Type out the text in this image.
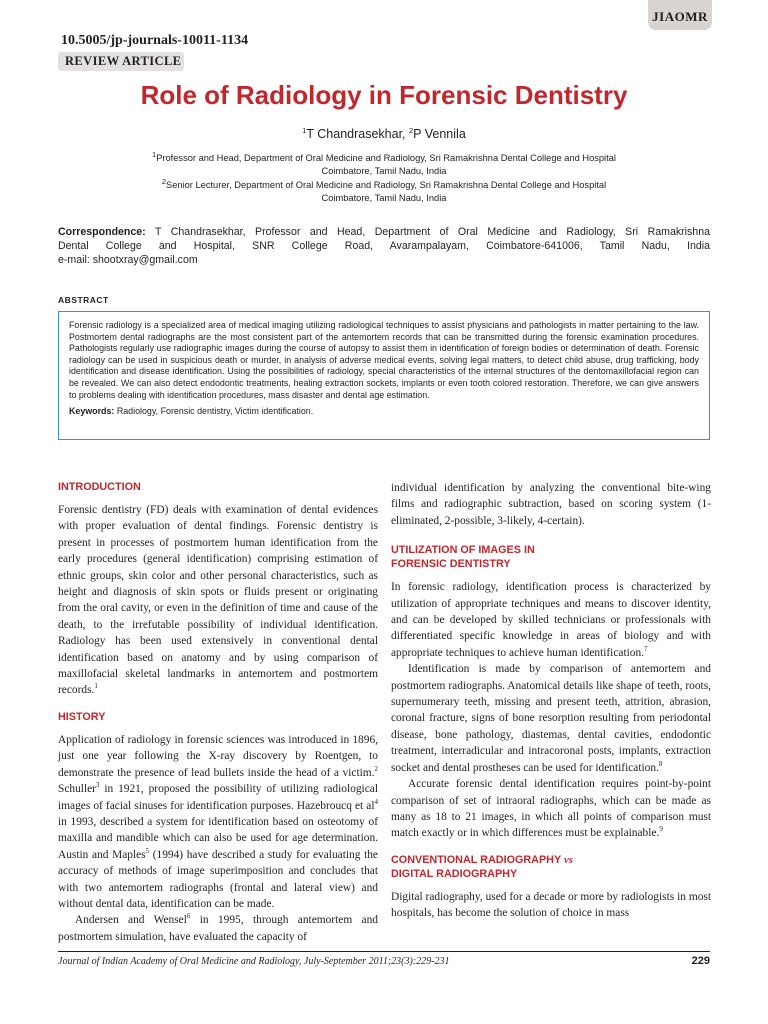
JIAOMR
10.5005/jp-journals-10011-1134
REVIEW ARTICLE
Role of Radiology in Forensic Dentistry
$^1$T Chandrasekhar, $^2$P Vennila
$^1$Professor and Head, Department of Oral Medicine and Radiology, Sri Ramakrishna Dental College and Hospital
Coimbatore, Tamil Nadu, India
$^2$Senior Lecturer, Department of Oral Medicine and Radiology, Sri Ramakrishna Dental College and Hospital
Coimbatore, Tamil Nadu, India
Correspondence: T Chandrasekhar, Professor and Head, Department of Oral Medicine and Radiology, Sri Ramakrishna
Dental College and Hospital, SNR College Road, Avarampalayam, Coimbatore-641006, Tamil Nadu, India
e-mail: shootxray@gmail.com
ABSTRACT

Forensic radiology is a specialized area of medical imaging utilizing radiological techniques to assist physicians and pathologists in matter pertaining to the law. Postmortem dental radiographs are the most consistent part of the antemortem records that can be transmitted during the forensic examination procedures. Pathologists regularly use radiographic images during the course of autopsy to assist them in identification of foreign bodies or determination of death. Forensic radiology can be used in suspicious death or murder, in analysis of adverse medical events, solving legal matters, to detect child abuse, drug trafficking, body identification and disease identification. Using the possibilities of radiology, special characteristics of the internal structures of the dentomaxillofacial region can be revealed. We can also detect endodontic treatments, healing extraction sockets, implants or even tooth colored restoration. Therefore, we can give answers to problems dealing with identification procedures, mass disaster and dental age estimation.

Keywords: Radiology, Forensic dentistry, Victim identification.

INTRODUCTION

Forensic dentistry (FD) deals with examination of dental evidences with proper evaluation of dental findings. Forensic dentistry is present in processes of postmortem human identification from the early procedures (general identification) comprising estimation of ethnic groups, skin color and other personal characteristics, such as height and diagnosis of skin spots or fluids present or originating from the oral cavity, or even in the definition of time and cause of the death, to the irrefutable possibility of individual identification. Radiology has been used extensively in conventional dental identification based on anatomy and by using comparison of maxillofacial skeletal landmarks in antemortem and postmortem records.$^1$

HISTORY

Application of radiology in forensic sciences was introduced in 1896, just one year following the X-ray discovery by Roentgen, to demonstrate the presence of lead bullets inside the head of a victim.$^2$ Schuller$^3$ in 1921, proposed the possibility of utilizing radiological images of facial sinuses for identification purposes. Hazebroucq et $al^4$ in 1993, described a system for identification based on osteotomy of maxilla and mandible which can also be used for age determination. Austin and Maples$^5$ (1994) have described a study for evaluating the accuracy of methods of image superimposition and concludes that with two antemortem radiographs (frontal and lateral view) and without dental data, identification can be made.

Andersen and Wensel$^6$ in 1995, through antemortem and postmortem simulation, have evaluated the capacity of

individual identification by analyzing the conventional bite-wing films and radiographic subtraction, based on scoring system (1-eliminated, 2-possible, 3-likely, 4-certain).

UTILIZATION OF IMAGES IN
FORENSIC DENTISTRY

In forensic radiology, identification process is characterized by utilization of appropriate techniques and means to discover identity, and can be developed by skilled technicians or professionals with differentiated specific knowledge in areas of biology and with appropriate techniques to achieve human identification.$^7$

Identification is made by comparison of antemortem and postmortem radiographs. Anatomical details like shape of teeth, roots, supernumerary teeth, missing and present teeth, attrition, abrasion, coronal fracture, signs of bone resorption resulting from periodontal disease, bone pathology, diastemas, dental cavities, endodontic treatment, interradicular and intracoronal posts, implants, extraction socket and dental prostheses can be used for identification.$^8$

Accurate forensic dental identification requires point-by-point comparison of set of intraoral radiographs, which can be made as many as 18 to 21 images, in which all points of comparison must match exactly or in which differences must be explainable.$^9$

CONVENTIONAL RADIOGRAPHY vs
DIGITAL RADIOGRAPHY

Digital radiography, used for a decade or more by radiologists in most hospitals, has become the solution of choice in mass

Journal of Indian Academy of Oral Medicine and Radiology, July-September 2011;23(3):229-231	229
